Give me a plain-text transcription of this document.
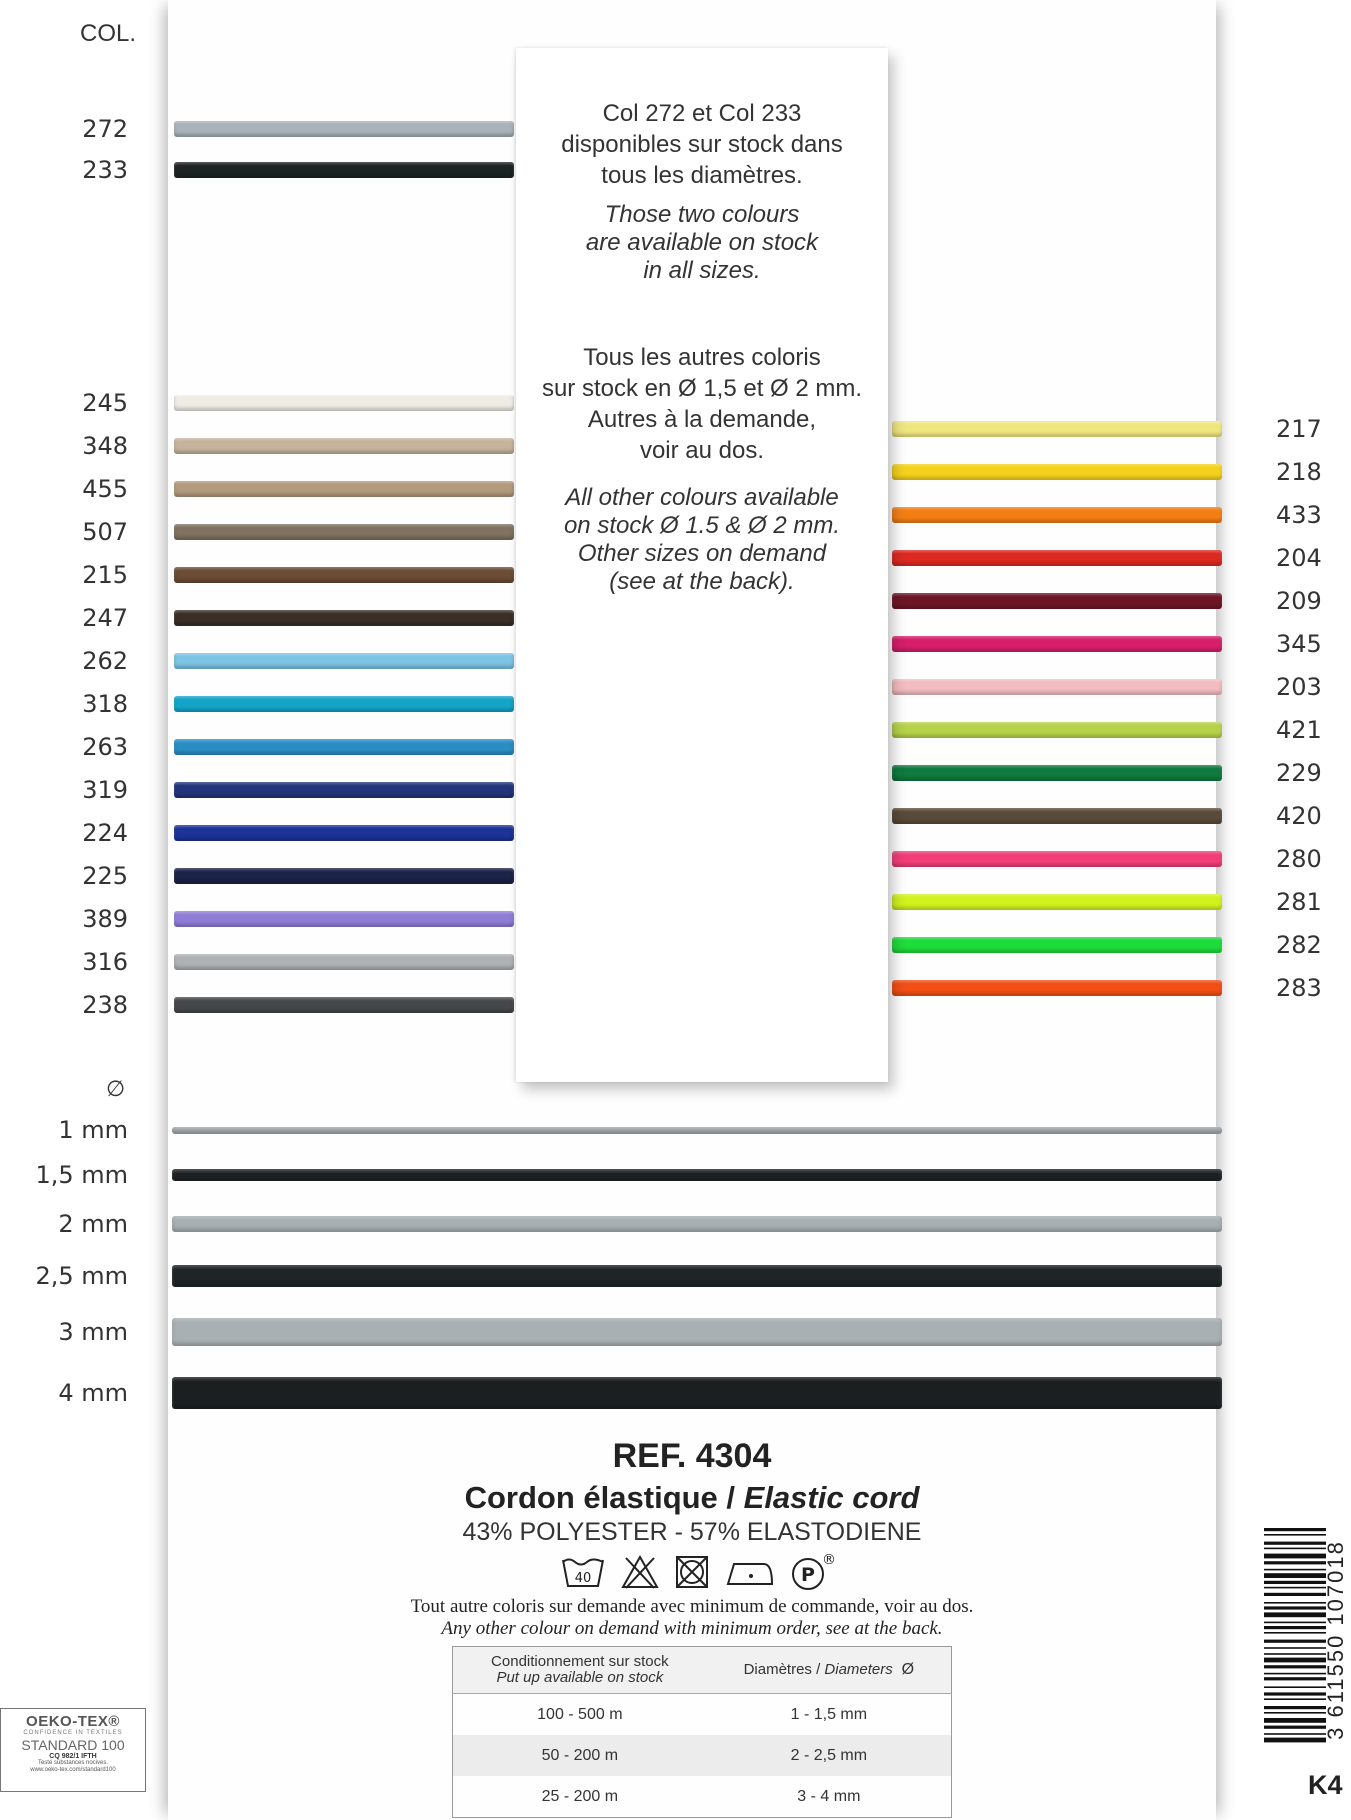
COL.
272
233
245
348
455
507
215
247
262
318
263
319
224
225
389
316
238
217
218
433
204
209
345
203
421
229
420
280
281
282
283
Col 272 et Col 233
disponibles sur stock dans
tous les diamètres.
Those two colours
are available on stock
in all sizes.
Tous les autres coloris
sur stock en Ø 1,5 et Ø 2 mm.
Autres à la demande,
voir au dos.
All other colours available
on stock Ø 1.5 & Ø 2 mm.
Other sizes on demand
(see at the back).
∅
1 mm
1,5 mm
2 mm
2,5 mm
3 mm
4 mm
REF. 4304
Cordon élastique / Elastic cord
43% POLYESTER - 57% ELASTODIENE
40	P
®
Tout autre coloris sur demande avec minimum de commande, voir au dos.
Any other colour on demand with minimum order, see at the back.
Conditionnement sur stock
Put up available on stock	Diamètres / Diameters Ø
100 - 500 m	1 - 1,5 mm
50 - 200 m	2 - 2,5 mm
25 - 200 m	3 - 4 mm
OEKO-TEX®
CONFIDENCE IN TEXTILES
STANDARD 100
CQ 982/1 IFTH
Testé substances nocives.
www.oeko-tex.com/standard100
3 611550 107018
K4
